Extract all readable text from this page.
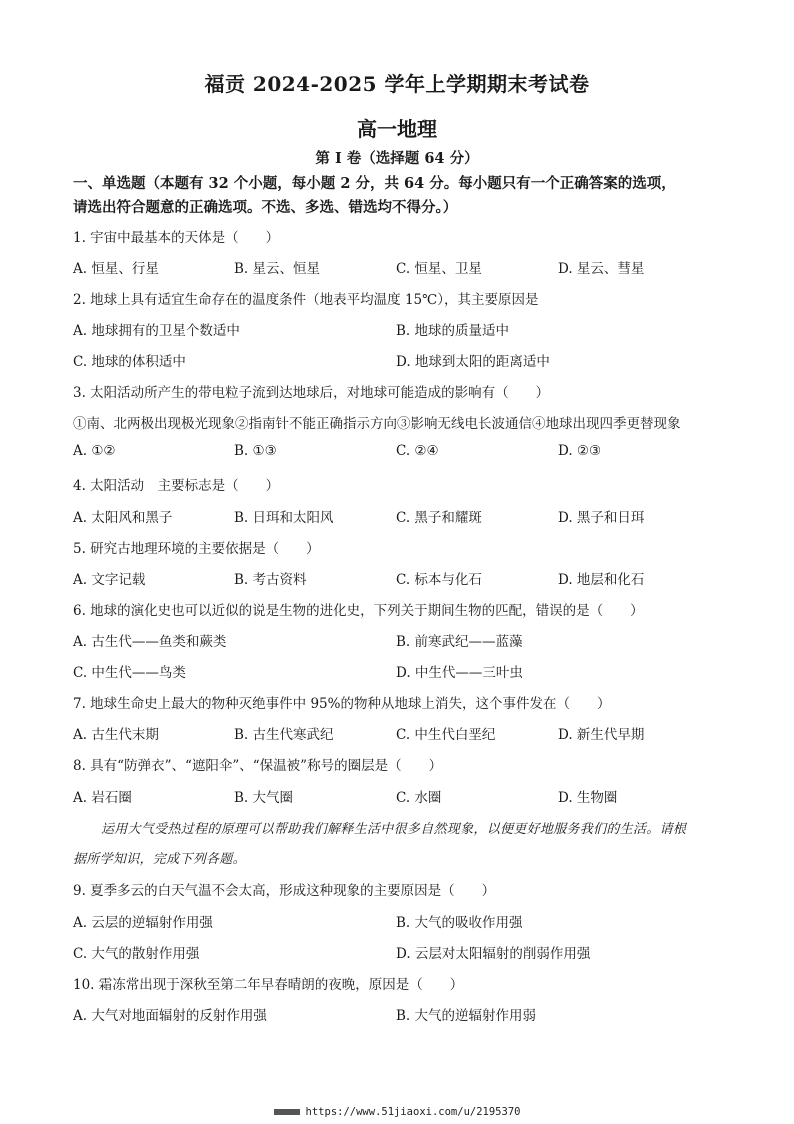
福贡 2024-2025 学年上学期期末考试卷
高一地理
第 I 卷（选择题 64 分）
一、单选题（本题有 32 个小题，每小题 2 分，共 64 分。每小题只有一个正确答案的选项，
请选出符合题意的正确选项。不选、多选、错选均不得分。）
1. 宇宙中最基本的天体是（　　）
A. 恒星、行星	B. 星云、恒星	C. 恒星、卫星	D. 星云、彗星
2. 地球上具有适宜生命存在的温度条件（地表平均温度 15℃），其主要原因是
A. 地球拥有的卫星个数适中	B. 地球的质量适中
C. 地球的体积适中	D. 地球到太阳的距离适中
3. 太阳活动所产生的带电粒子流到达地球后，对地球可能造成的影响有（　　）
①南、北两极出现极光现象②指南针不能正确指示方向③影响无线电长波通信④地球出现四季更替现象
A. ①②	B. ①③	C. ②④	D. ②③
4. 太阳活动　主要标志是（　　）
A. 太阳风和黑子	B. 日珥和太阳风	C. 黑子和耀斑	D. 黑子和日珥
5. 研究古地理环境的主要依据是（　　）
A. 文字记载	B. 考古资料	C. 标本与化石	D. 地层和化石
6. 地球的演化史也可以近似的说是生物的进化史，下列关于期间生物的匹配，错误的是（　　）
A. 古生代——鱼类和蕨类	B. 前寒武纪——蓝藻
C. 中生代——鸟类	D. 中生代——三叶虫
7. 地球生命史上最大的物种灭绝事件中 95%的物种从地球上消失，这个事件发在（　　）
A. 古生代末期	B. 古生代寒武纪	C. 中生代白垩纪	D. 新生代早期
8. 具有“防弹衣”、“遮阳伞”、“保温被”称号的圈层是（　　）
A. 岩石圈	B. 大气圈	C. 水圈	D. 生物圈
运用大气受热过程的原理可以帮助我们解释生活中很多自然现象，以便更好地服务我们的生活。请根
据所学知识，完成下列各题。
9. 夏季多云的白天气温不会太高，形成这种现象的主要原因是（　　）
A. 云层的逆辐射作用强	B. 大气的吸收作用强
C. 大气的散射作用强	D. 云层对太阳辐射的削弱作用强
10. 霜冻常出现于深秋至第二年早春晴朗的夜晚，原因是（　　）
A. 大气对地面辐射的反射作用强	B. 大气的逆辐射作用弱
https://www.51jiaoxi.com/u/2195370
